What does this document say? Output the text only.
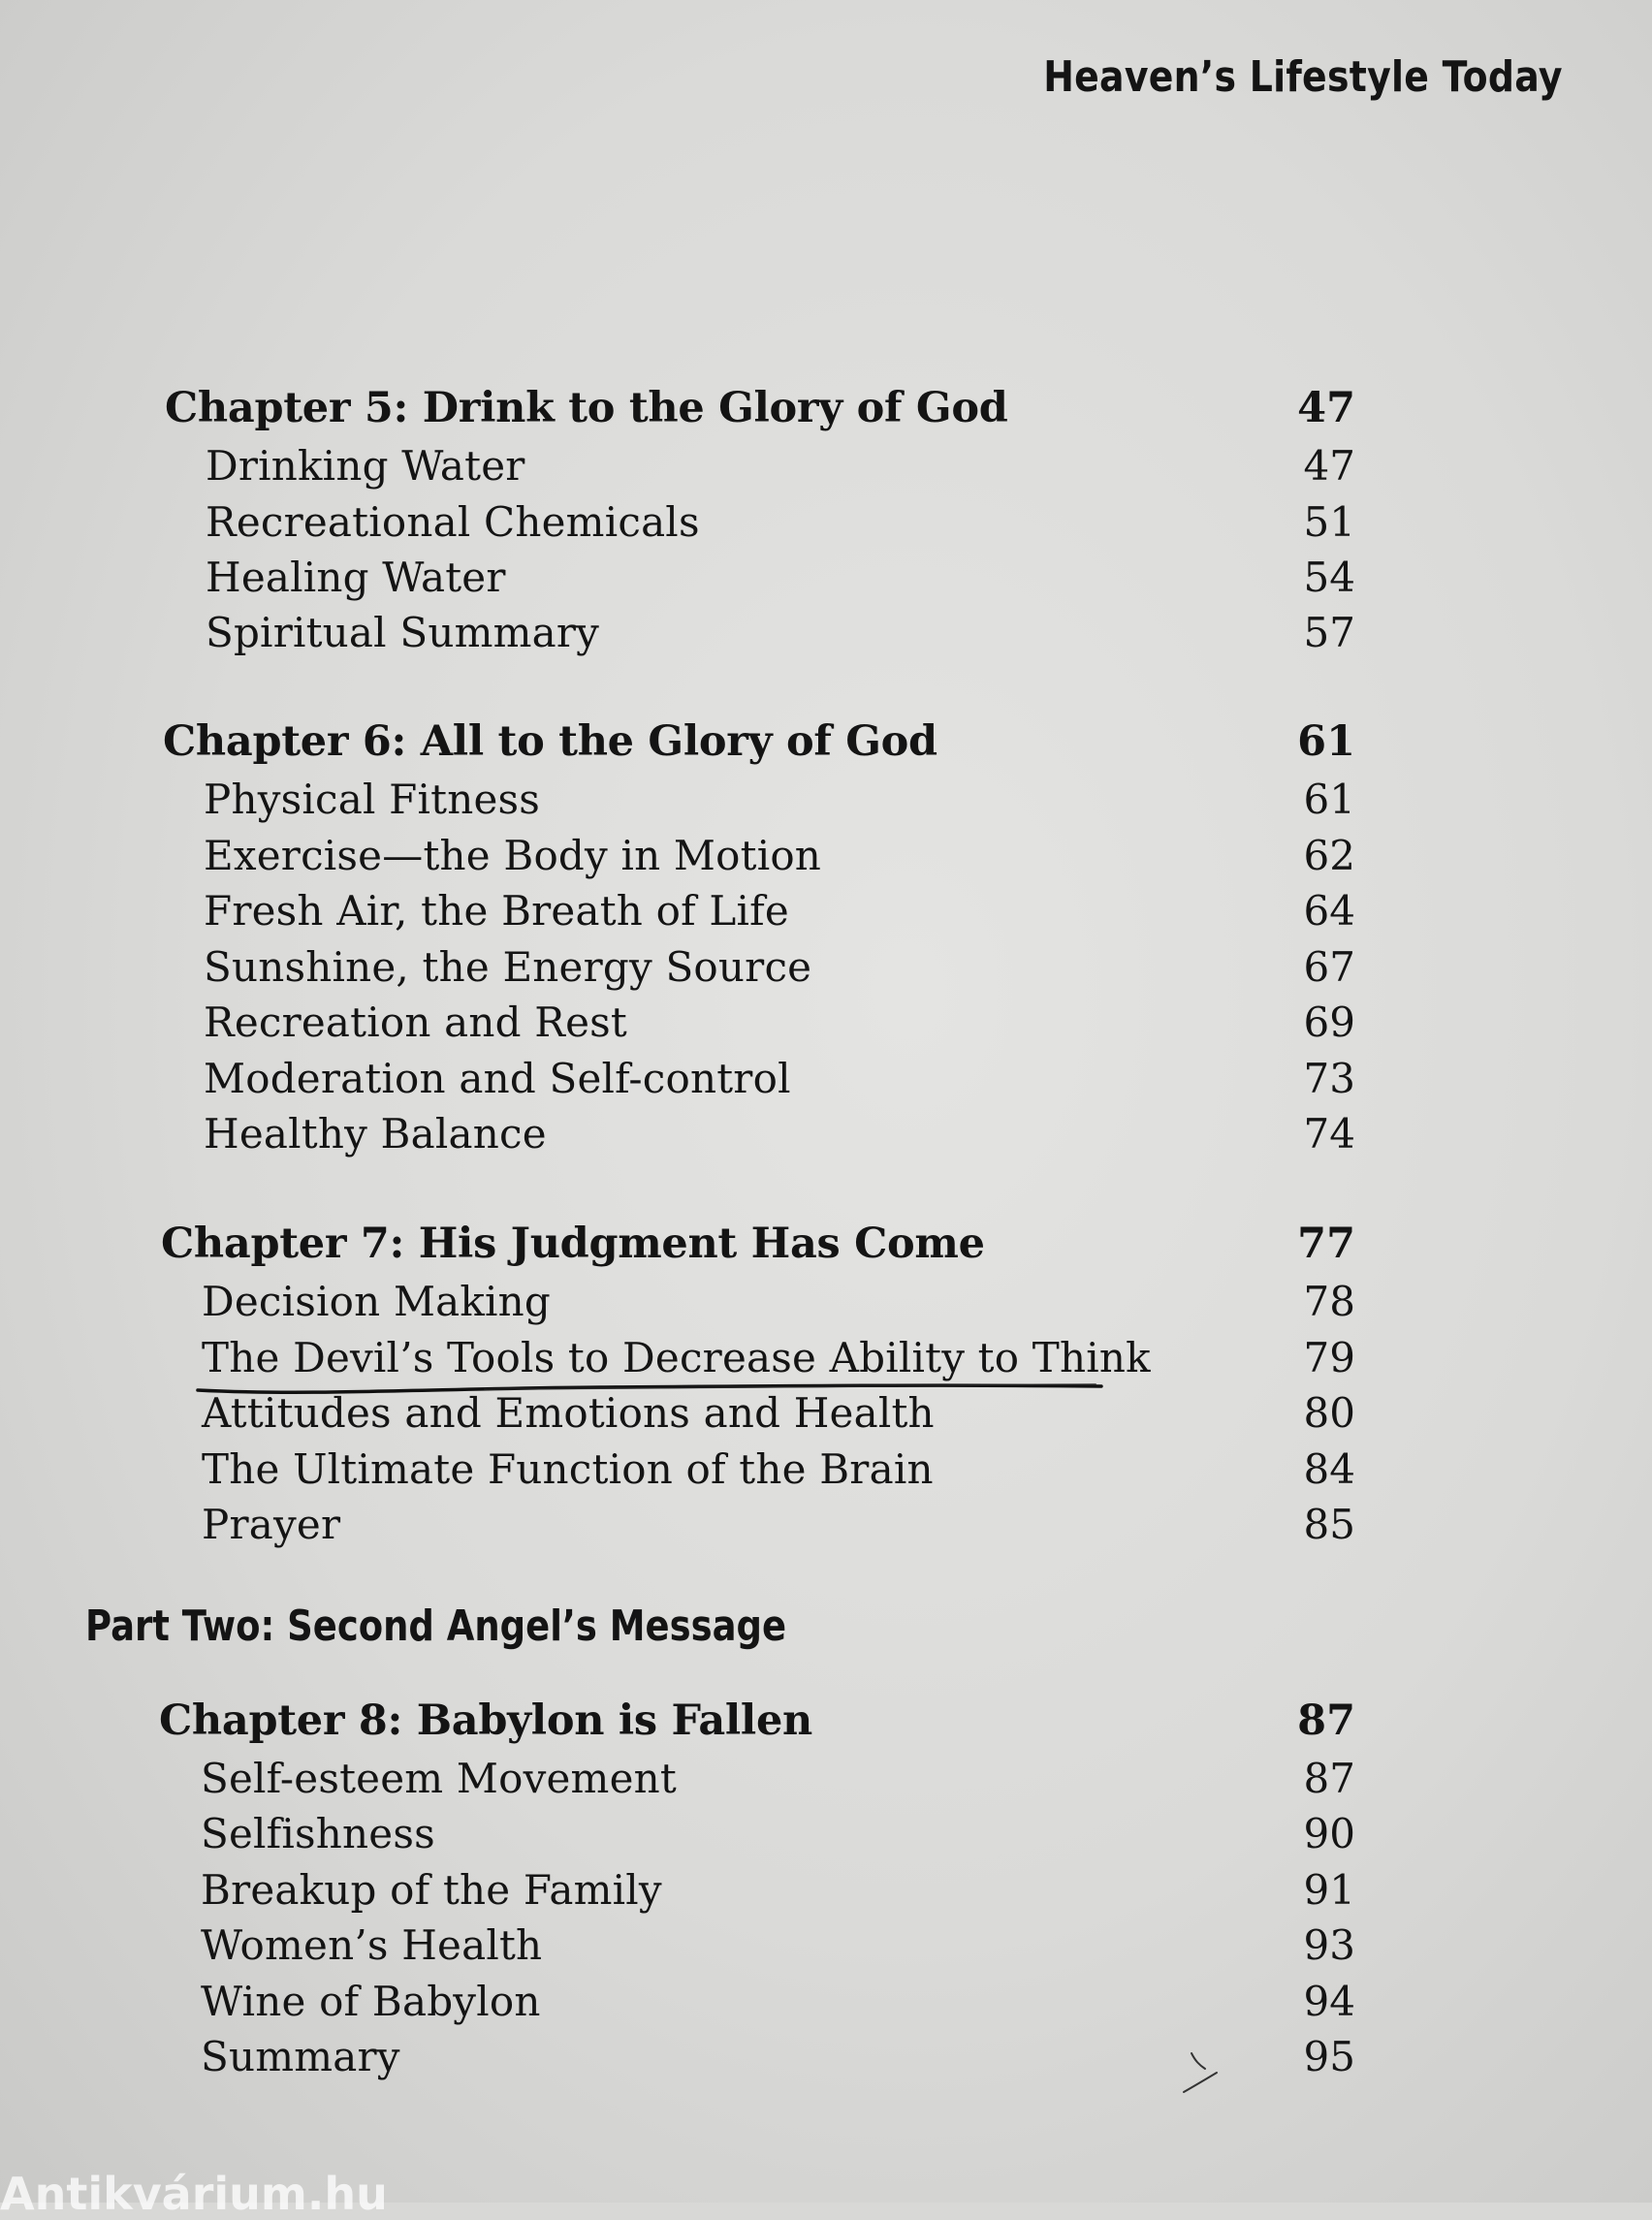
Heaven’s Lifestyle Today
Chapter 5: Drink to the Glory of God	47
Drinking Water	47
Recreational Chemicals	51
Healing Water	54
Spiritual Summary	57
Chapter 6: All to the Glory of God	61
Physical Fitness	61
Exercise—the Body in Motion	62
Fresh Air, the Breath of Life	64
Sunshine, the Energy Source	67
Recreation and Rest	69
Moderation and Self-control	73
Healthy Balance	74
Chapter 7: His Judgment Has Come	77
Decision Making	78
The Devil’s Tools to Decrease Ability to Think	79
Attitudes and Emotions and Health	80
The Ultimate Function of the Brain	84
Prayer	85
Part Two: Second Angel’s Message
Chapter 8: Babylon is Fallen	87
Self-esteem Movement	87
Selfishness	90
Breakup of the Family	91
Women’s Health	93
Wine of Babylon	94
Summary	95
Antikvárium.hu
